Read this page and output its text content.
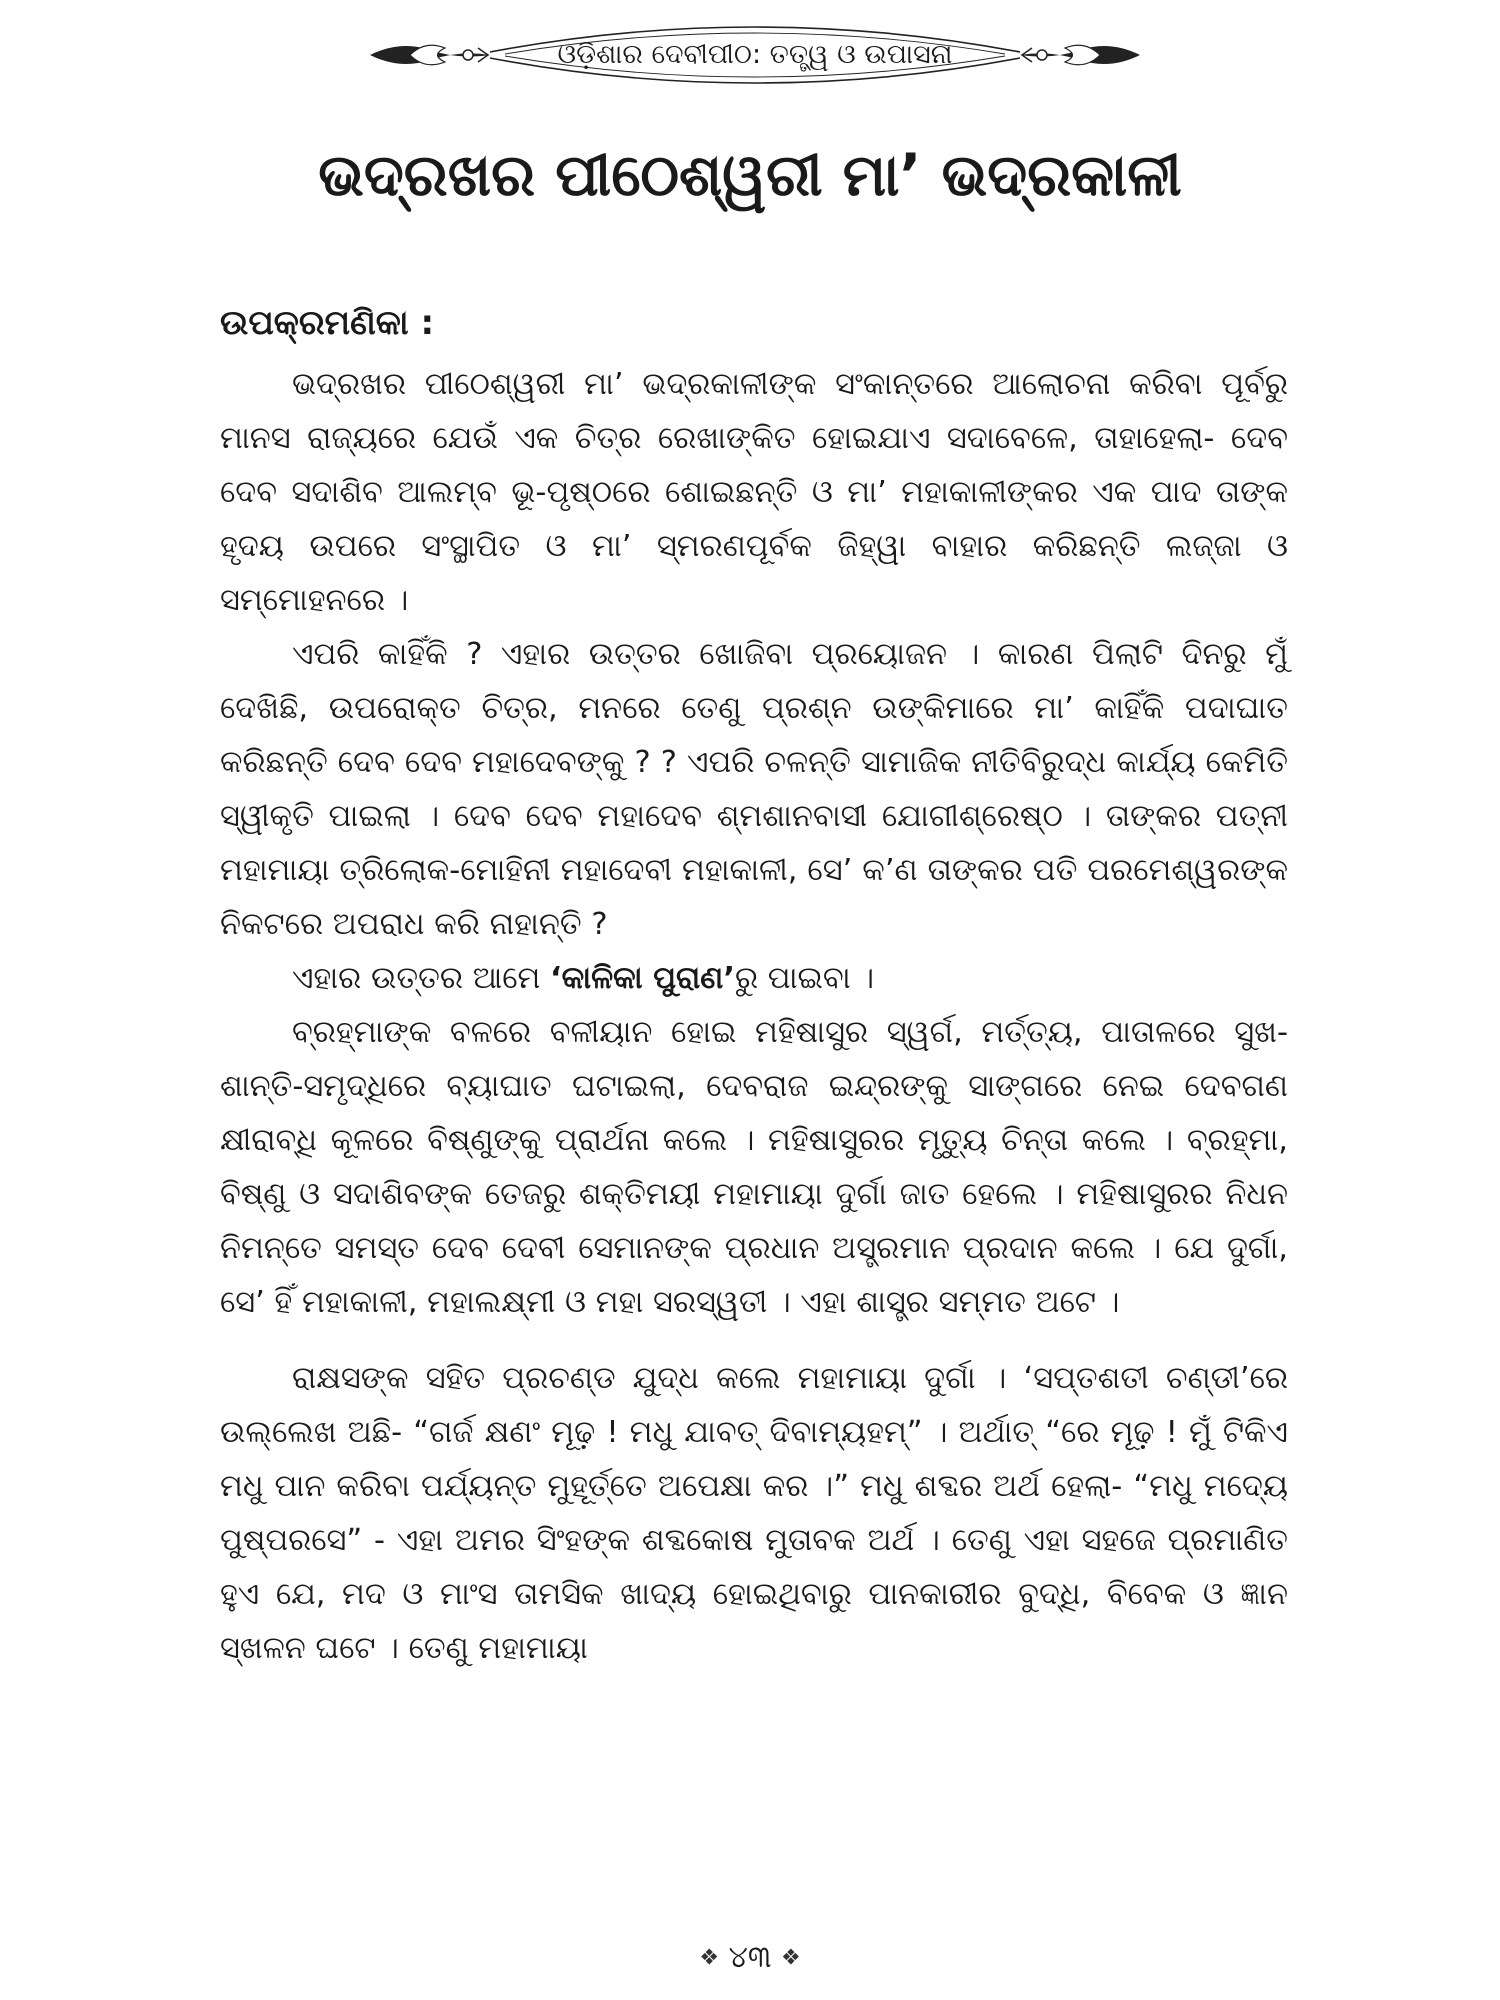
ଓଡ଼ିଶାର ଦେବୀପୀଠ: ତତ୍ତ୍ୱ ଓ ଉପାସନା
ଭଦ୍ରଖର ପୀଠେଶ୍ୱରୀ ମା’ ଭଦ୍ରକାଳୀ
ଉପକ୍ରମଣିକା :

ଭଦ୍ରଖର ପୀଠେଶ୍ୱରୀ ମା’ ଭଦ୍ରକାଳୀଙ୍କ ସଂକାନ୍ତରେ ଆଲୋଚନା କରିବା ପୂର୍ବରୁ ମାନସ ରାଜ୍ୟରେ ଯେଉଁ ଏକ ଚିତ୍ର ରେଖାଙ୍କିତ ହୋଇଯାଏ ସଦାବେଳେ, ତାହାହେଲା- ଦେବ ଦେବ ସଦାଶିବ ଆଲମ୍ବ ଭୂ-ପୃଷ୍ଠରେ ଶୋଇଛନ୍ତି ଓ ମା’ ମହାକାଳୀଙ୍କର ଏକ ପାଦ ତାଙ୍କ ହୃଦୟ ଉପରେ ସଂସ୍ଥାପିତ ଓ ମା’ ସ୍ମରଣପୂର୍ବକ ଜିହ୍ୱା ବାହାର କରିଛନ୍ତି ଲଜ୍ଜା ଓ ସମ୍ମୋହନରେ ।

ଏପରି କାହିଁକି ? ଏହାର ଉତ୍ତର ଖୋଜିବା ପ୍ରୟୋଜନ । କାରଣ ପିଲାଟି ଦିନରୁ ମୁଁ ଦେଖିଛି, ଉପରୋକ୍ତ ଚିତ୍ର, ମନରେ ତେଣୁ ପ୍ରଶ୍ନ ଉଙ୍କିମାରେ ମା’ କାହିଁକି ପଦାଘାତ କରିଛନ୍ତି ଦେବ ଦେବ ମହାଦେବଙ୍କୁ ? ? ଏପରି ଚଳନ୍ତି ସାମାଜିକ ନୀତିବିରୁଦ୍ଧ କାର୍ଯ୍ୟ କେମିତି ସ୍ୱୀକୃତି ପାଇଲା । ଦେବ ଦେବ ମହାଦେବ ଶ୍ମଶାନବାସୀ ଯୋଗୀଶ୍ରେଷ୍ଠ । ତାଙ୍କର ପତ୍ନୀ ମହାମାୟା ତ୍ରିଲୋକ-ମୋହିନୀ ମହାଦେବୀ ମହାକାଳୀ, ସେ’ କ’ଣ ତାଙ୍କର ପତି ପରମେଶ୍ୱରଙ୍କ ନିକଟରେ ଅପରାଧ କରି ନାହାନ୍ତି ?

ଏହାର ଉତ୍ତର ଆମେ ‘କାଳିକା ପୁରାଣ’ରୁ ପାଇବା ।

ବ୍ରହ୍ମାଙ୍କ ବଳରେ ବଳୀୟାନ ହୋଇ ମହିଷାସୁର ସ୍ୱର୍ଗ, ମର୍ତ୍ତ୍ୟ, ପାତାଳରେ ସୁଖ-ଶାନ୍ତି-ସମୃଦ୍ଧିରେ ବ୍ୟାଘାତ ଘଟାଇଲା, ଦେବରାଜ ଇନ୍ଦ୍ରଙ୍କୁ ସାଙ୍ଗରେ ନେଇ ଦେବଗଣ କ୍ଷୀରାବ୍ଧି କୂଳରେ ବିଷ୍ଣୁଙ୍କୁ ପ୍ରାର୍ଥନା କଲେ । ମହିଷାସୁରର ମୃତ୍ୟୁ ଚିନ୍ତା କଲେ । ବ୍ରହ୍ମା, ବିଷ୍ଣୁ ଓ ସଦାଶିବଙ୍କ ତେଜରୁ ଶକ୍ତିମୟୀ ମହାମାୟା ଦୁର୍ଗା ଜାତ ହେଲେ । ମହିଷାସୁରର ନିଧନ ନିମନ୍ତେ ସମସ୍ତ ଦେବ ଦେବୀ ସେମାନଙ୍କ ପ୍ରଧାନ ଅସ୍ତ୍ରମାନ ପ୍ରଦାନ କଲେ । ଯେ ଦୁର୍ଗା, ସେ’ ହିଁ ମହାକାଳୀ, ମହାଲକ୍ଷ୍ମୀ ଓ ମହା ସରସ୍ୱତୀ । ଏହା ଶାସ୍ତ୍ର ସମ୍ମତ ଅଟେ ।

ରାକ୍ଷସଙ୍କ ସହିତ ପ୍ରଚଣ୍ଡ ଯୁଦ୍ଧ କଲେ ମହାମାୟା ଦୁର୍ଗା । ‘ସପ୍ତଶତୀ ଚଣ୍ଡୀ’ରେ ଉଲ୍ଲେଖ ଅଛି- “ଗର୍ଜ କ୍ଷଣଂ ମୂଢ଼ ! ମଧୁ ଯାବତ୍ ଦିବାମ୍ୟହମ୍” । ଅର୍ଥାତ୍ “ରେ ମୂଢ଼ ! ମୁଁ ଟିକିଏ ମଧୁ ପାନ କରିବା ପର୍ଯ୍ୟନ୍ତ ମୁହୂର୍ତ୍ତେ ଅପେକ୍ଷା କର ।” ମଧୁ ଶବ୍ଦର ଅର୍ଥ ହେଲା- “ମଧୁ ମଦ୍ୟେ ପୁଷ୍ପରସେ” - ଏହା ଅମର ସିଂହଙ୍କ ଶବ୍ଦକୋଷ ମୁତାବକ ଅର୍ଥ । ତେଣୁ ଏହା ସହଜେ ପ୍ରମାଣିତ ହୁଏ ଯେ, ମଦ ଓ ମାଂସ ତାମସିକ ଖାଦ୍ୟ ହୋଇଥିବାରୁ ପାନକାରୀର ବୁଦ୍ଧି, ବିବେକ ଓ ଜ୍ଞାନ ସ୍ଖଳନ ଘଟେ । ତେଣୁ ମହାମାୟା

❖ ୪୩ ❖
